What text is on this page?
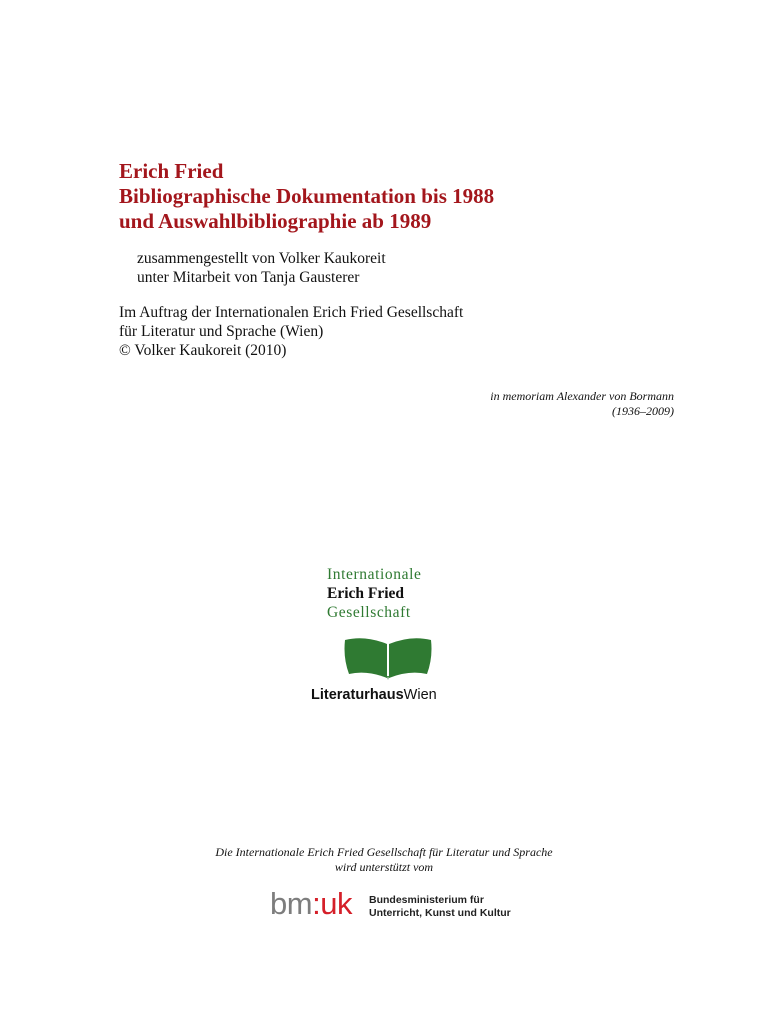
Erich Fried
Bibliographische Dokumentation bis 1988
und Auswahlbibliographie ab 1989
zusammengestellt von Volker Kaukoreit
unter Mitarbeit von Tanja Gausterer
Im Auftrag der Internationalen Erich Fried Gesellschaft
für Literatur und Sprache (Wien)
© Volker Kaukoreit (2010)
in memoriam Alexander von Bormann
(1936–2009)
Internationale
Erich Fried
Gesellschaft
LiteraturhausWien
Die Internationale Erich Fried Gesellschaft für Literatur und Sprache
wird unterstützt vom
bm:uk Bundesministerium für
Unterricht, Kunst und Kultur
